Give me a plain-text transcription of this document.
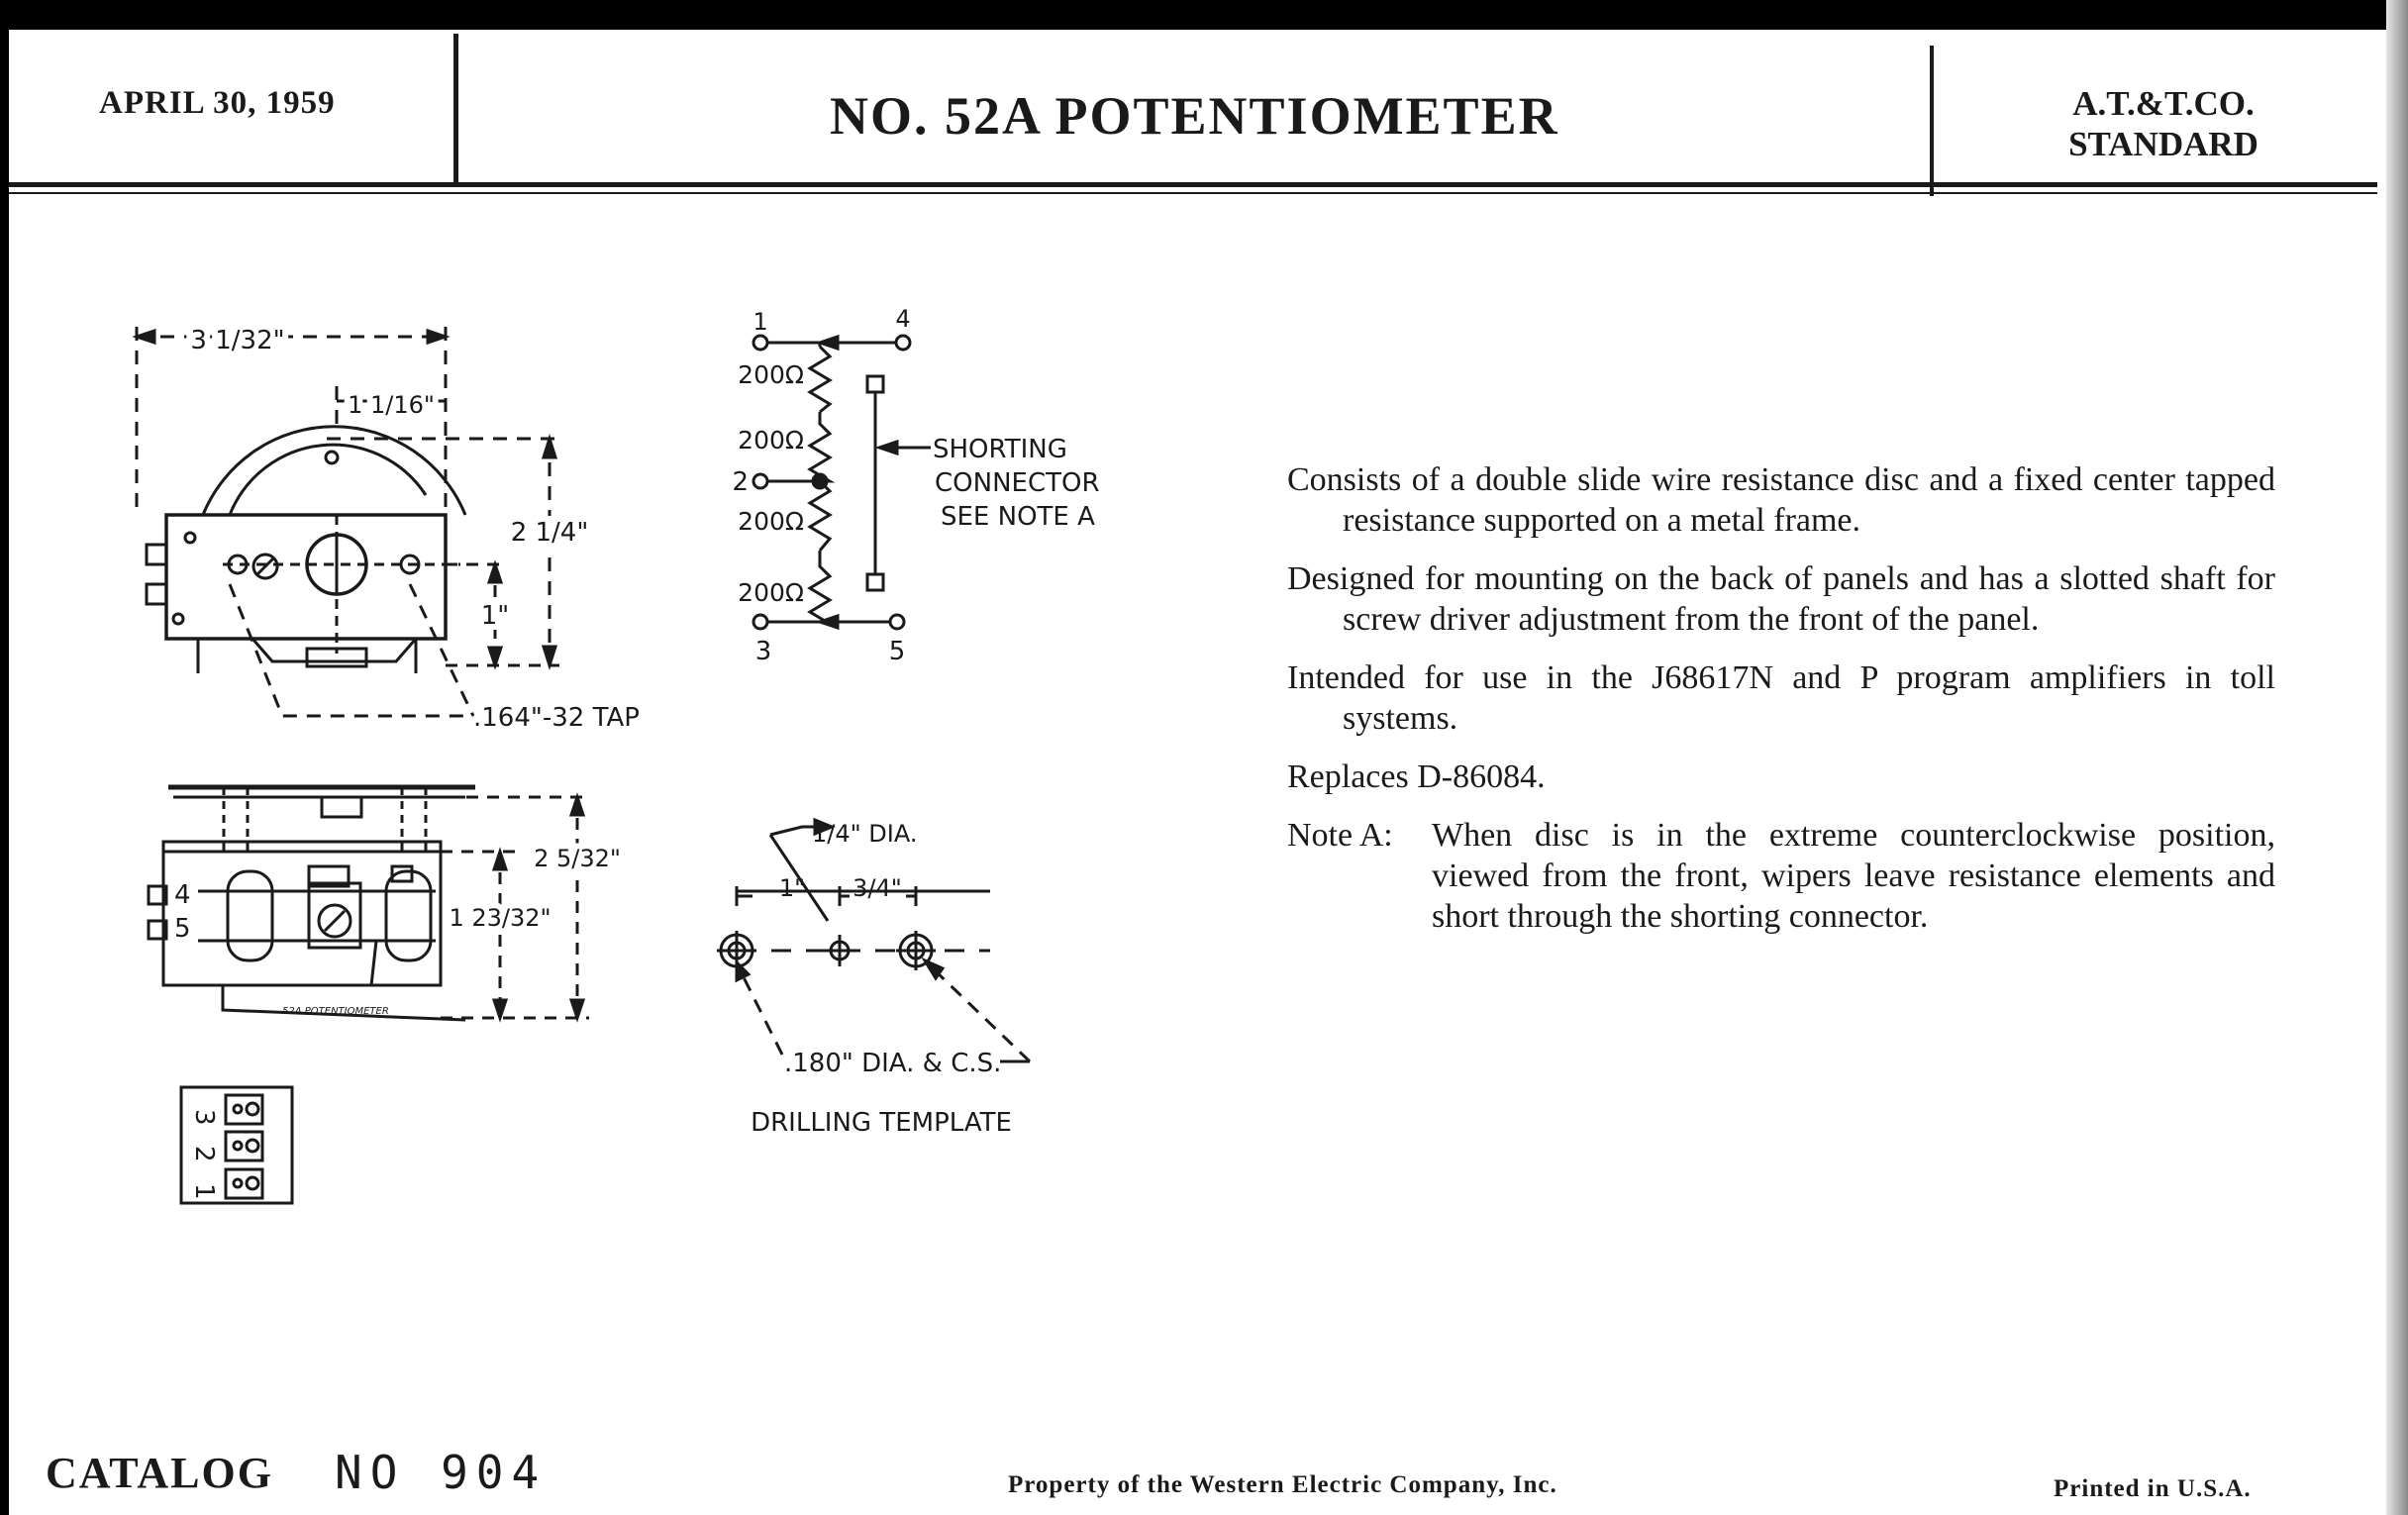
APRIL 30, 1959	NO. 52A POTENTIOMETER	A.T.&T.CO.
STANDARD
3 1/32"
1 1/16"
2 1/4"
1"
.164"-32 TAP
2 5/32"
1 23/32"
4
5
52A POTENTIOMETER
3
2
1
1	4
3	5
2
200Ω
200Ω
200Ω
200Ω
SHORTING
CONNECTOR
SEE NOTE A
1/4" DIA.
1" 3/4"
.180" DIA. & C.S.
DRILLING TEMPLATE

Consists of a double slide wire resistance disc and a fixed center tapped resistance supported on a metal frame.

Designed for mounting on the back of panels and has a slotted shaft for screw driver adjustment from the front of the panel.

Intended for use in the J68617N and P program amplifiers in toll systems.

Replaces D-86084.

Note A:	When disc is in the extreme counterclockwise position, viewed from the front, wipers leave resistance elements and short through the shorting connector.
CATALOG NO 904	Property of the Western Electric Company, Inc.	Printed in U.S.A.
